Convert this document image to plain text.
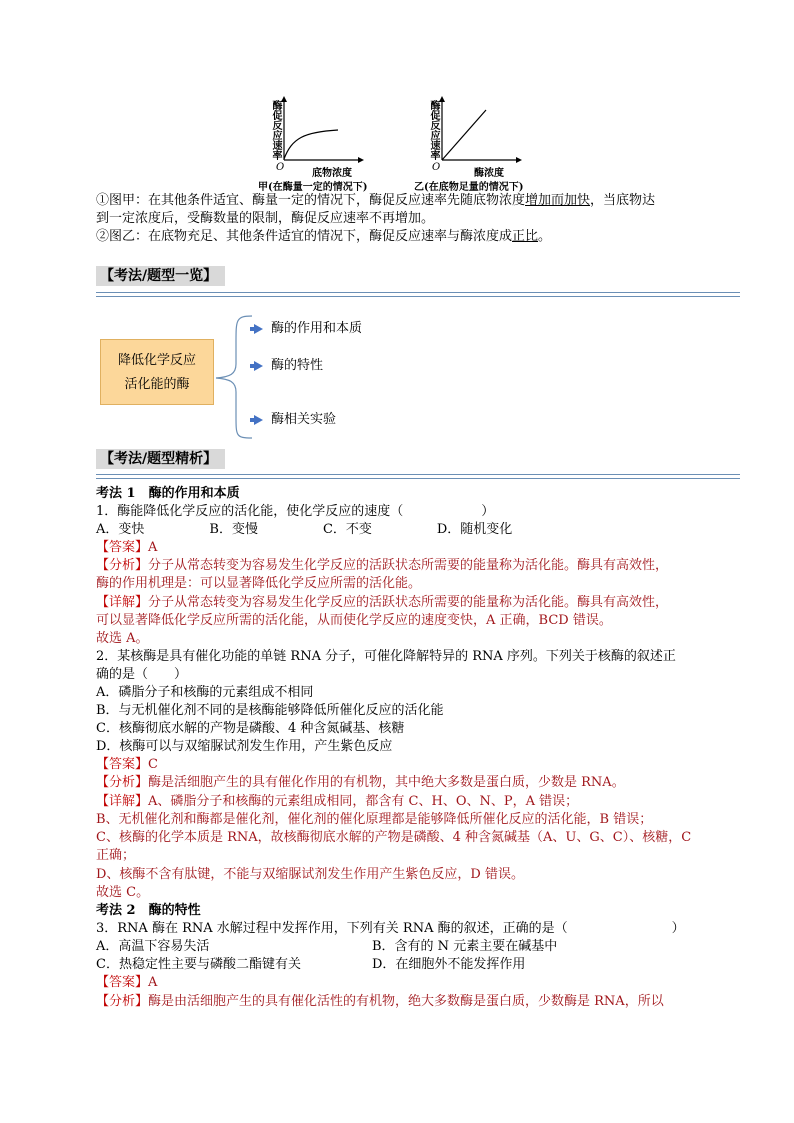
酶促反应速率
O
底物浓度
甲(在酶量一定的情况下)
酶促反应速率
O
酶浓度
乙(在底物足量的情况下)
①图甲：在其他条件适宜、酶量一定的情况下，酶促反应速率先随底物浓度增加而加快，当底物达
到一定浓度后，受酶数量的限制，酶促反应速率不再增加。
②图乙：在底物充足、其他条件适宜的情况下，酶促反应速率与酶浓度成正比。
【考法/题型一览】
降低化学反应
活化能的酶
酶的作用和本质
酶的特性
酶相关实验
【考法/题型精析】
考法 1　酶的作用和本质
1．酶能降低化学反应的活化能，使化学反应的速度（　　　　　　）
A．变快　　　　　B．变慢　　　　　C．不变　　　　　D．随机变化
【答案】A
【分析】分子从常态转变为容易发生化学反应的活跃状态所需要的能量称为活化能。酶具有高效性，
酶的作用机理是：可以显著降低化学反应所需的活化能。
【详解】分子从常态转变为容易发生化学反应的活跃状态所需要的能量称为活化能。酶具有高效性，
可以显著降低化学反应所需的活化能，从而使化学反应的速度变快，A 正确，BCD 错误。
故选 A。
2．某核酶是具有催化功能的单链 RNA 分子，可催化降解特异的 RNA 序列。下列关于核酶的叙述正
确的是（　　）
A．磷脂分子和核酶的元素组成不相同
B．与无机催化剂不同的是核酶能够降低所催化反应的活化能
C．核酶彻底水解的产物是磷酸、4 种含氮碱基、核糖
D．核酶可以与双缩脲试剂发生作用，产生紫色反应
【答案】C
【分析】酶是活细胞产生的具有催化作用的有机物，其中绝大多数是蛋白质，少数是 RNA。
【详解】A、磷脂分子和核酶的元素组成相同，都含有 C、H、O、N、P，A 错误；
B、无机催化剂和酶都是催化剂，催化剂的催化原理都是能够降低所催化反应的活化能，B 错误；
C、核酶的化学本质是 RNA，故核酶彻底水解的产物是磷酸、4 种含氮碱基（A、U、G、C）、核糖，C
正确；
D、核酶不含有肽键，不能与双缩脲试剂发生作用产生紫色反应，D 错误。
故选 C。
考法 2　酶的特性
3．RNA 酶在 RNA 水解过程中发挥作用，下列有关 RNA 酶的叙述，正确的是（　　　　　　　　）
A．高温下容易失活	B．含有的 N 元素主要在碱基中
C．热稳定性主要与磷酸二酯键有关	D．在细胞外不能发挥作用
【答案】A
【分析】酶是由活细胞产生的具有催化活性的有机物，绝大多数酶是蛋白质，少数酶是 RNA，所以
